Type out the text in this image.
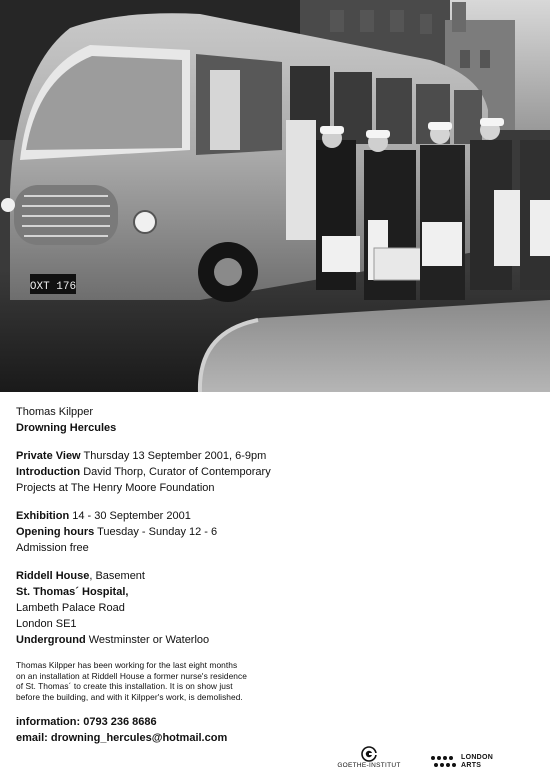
OXT 176
Thomas Kilpper
Drowning Hercules
Private View Thursday 13 September 2001, 6-9pm
Introduction David Thorp, Curator of Contemporary
Projects at The Henry Moore Foundation
Exhibition 14 - 30 September 2001
Opening hours Tuesday - Sunday 12 - 6
Admission free
Riddell House, Basement
St. Thomas´ Hospital,
Lambeth Palace Road
London SE1
Underground Westminster or Waterloo
Thomas Kilpper has been working for the last eight months
on an installation at Riddell House a former nurse's residence
of St. Thomas´ to create this installation. It is on show just
before the building, and with it Kilpper's work, is demolished.
information: 0793 236 8686
email: drowning_hercules@hotmail.com
GOETHE-INSTITUT
LONDON
ARTS
